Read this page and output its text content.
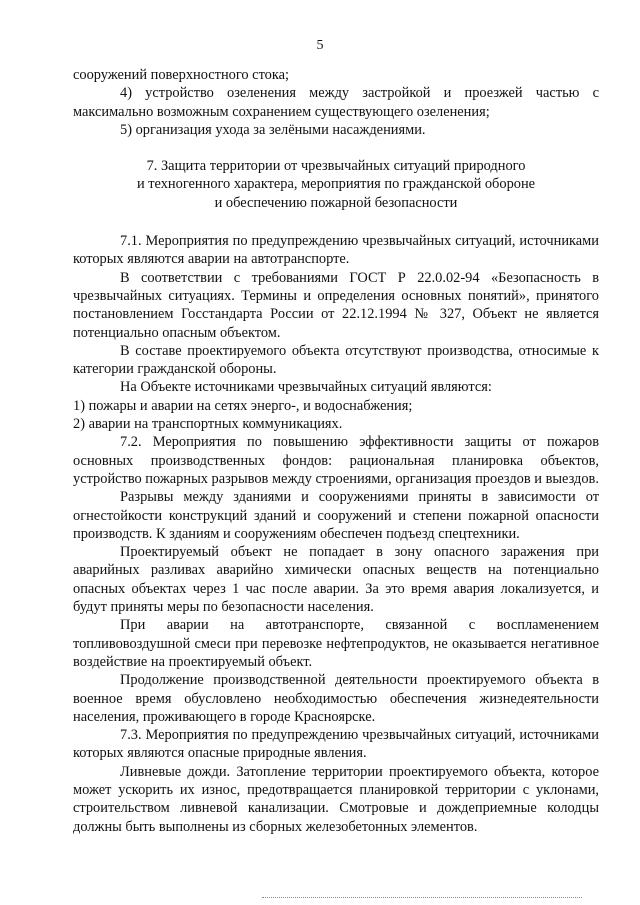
5

сооружений поверхностного стока;

4) устройство озеленения между застройкой и проезжей частью с максимально возможным сохранением существующего озеленения;

5) организация ухода за зелёными насаждениями.

7. Защита территории от чрезвычайных ситуаций природного
и техногенного характера, мероприятия по гражданской обороне
и обеспечению пожарной безопасности

7.1. Мероприятия по предупреждению чрезвычайных ситуаций, источниками которых являются аварии на автотранспорте.

В соответствии с требованиями ГОСТ Р 22.0.02-94 «Безопасность в чрезвычайных ситуациях. Термины и определения основных понятий», принятого постановлением Госстандарта России от 22.12.1994 № 327, Объект не является потенциально опасным объектом.

В составе проектируемого объекта отсутствуют производства, относимые к категории гражданской обороны.

На Объекте источниками чрезвычайных ситуаций являются:

1) пожары и аварии на сетях энерго-, и водоснабжения;

2) аварии на транспортных коммуникациях.

7.2. Мероприятия по повышению эффективности защиты от пожаров основных производственных фондов: рациональная планировка объектов, устройство пожарных разрывов между строениями, организация проездов и выездов.

Разрывы между зданиями и сооружениями приняты в зависимости от огнестойкости конструкций зданий и сооружений и степени пожарной опасности производств. К зданиям и сооружениям обеспечен подъезд спецтехники.

Проектируемый объект не попадает в зону опасного заражения при аварийных разливах аварийно химически опасных веществ на потенциально опасных объектах через 1 час после аварии. За это время авария локализуется, и будут приняты меры по безопасности населения.

При аварии на автотранспорте, связанной с воспламенением топливовоздушной смеси при перевозке нефтепродуктов, не оказывается негативное воздействие на проектируемый объект.

Продолжение производственной деятельности проектируемого объекта в военное время обусловлено необходимостью обеспечения жизнедеятельности населения, проживающего в городе Красноярске.

7.3. Мероприятия по предупреждению чрезвычайных ситуаций, источниками которых являются опасные природные явления.

Ливневые дожди. Затопление территории проектируемого объекта, которое может ускорить их износ, предотвращается планировкой территории с уклонами, строительством ливневой канализации. Смотровые и дождеприемные колодцы должны быть выполнены из сборных железобетонных элементов.
